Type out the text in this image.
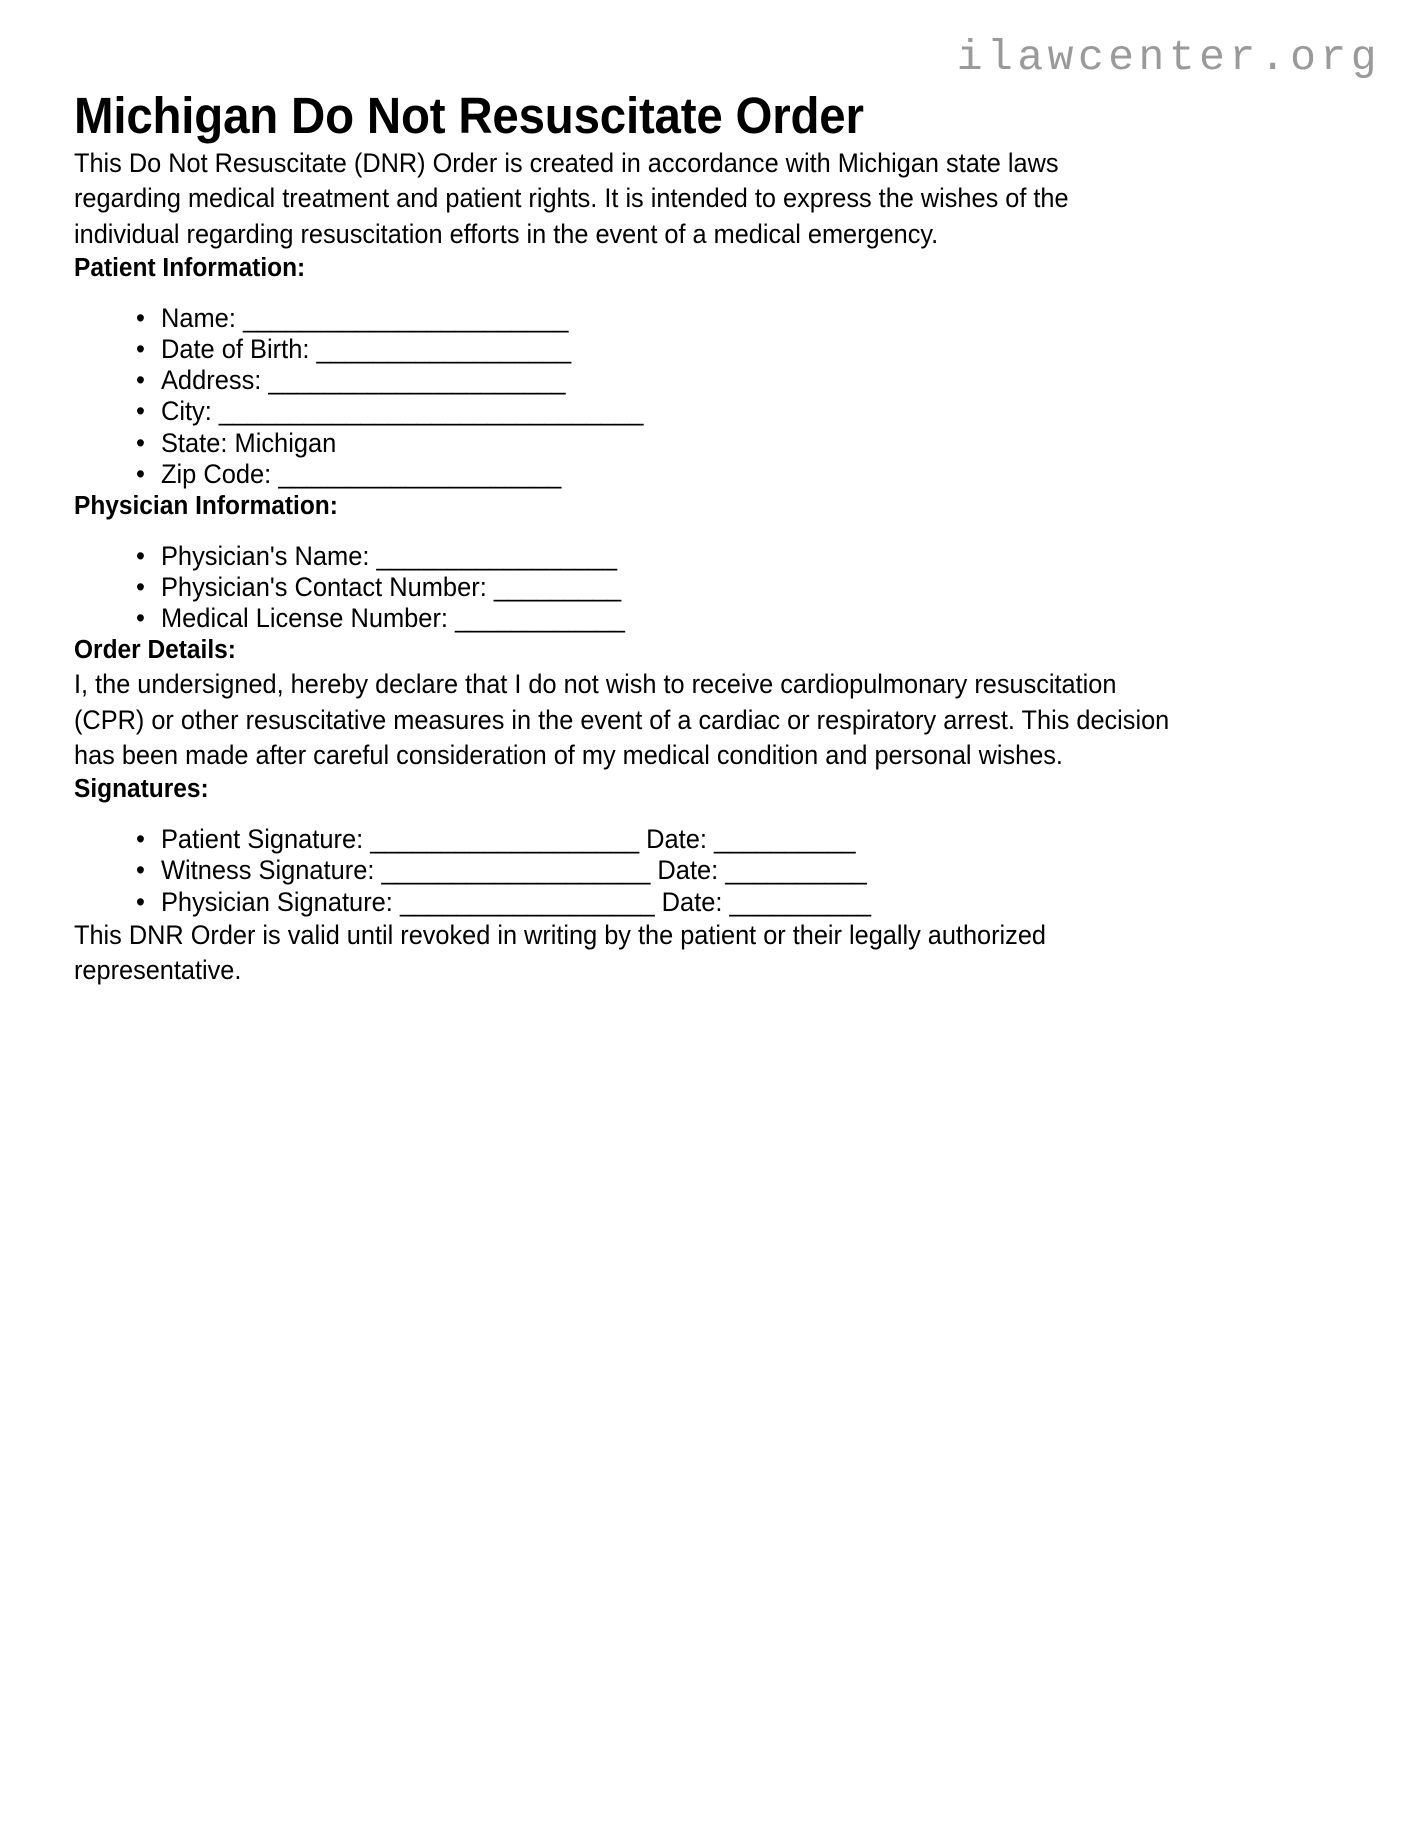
ilawcenter.org
Michigan Do Not Resuscitate Order

This Do Not Resuscitate (DNR) Order is created in accordance with Michigan state laws regarding medical treatment and patient rights. It is intended to express the wishes of the individual regarding resuscitation efforts in the event of a medical emergency.

Patient Information:
• Name: _______________________
• Date of Birth: __________________
• Address: _____________________
• City: ______________________________
• State: Michigan
• Zip Code: ____________________
Physician Information:
• Physician's Name: _________________
• Physician's Contact Number: _________
• Medical License Number: ____________
Order Details:

I, the undersigned, hereby declare that I do not wish to receive cardiopulmonary resuscitation (CPR) or other resuscitative measures in the event of a cardiac or respiratory arrest. This decision has been made after careful consideration of my medical condition and personal wishes.

Signatures:
• Patient Signature: ___________________ Date: __________
• Witness Signature: ___________________ Date: __________
• Physician Signature: __________________ Date: __________

This DNR Order is valid until revoked in writing by the patient or their legally authorized representative.
